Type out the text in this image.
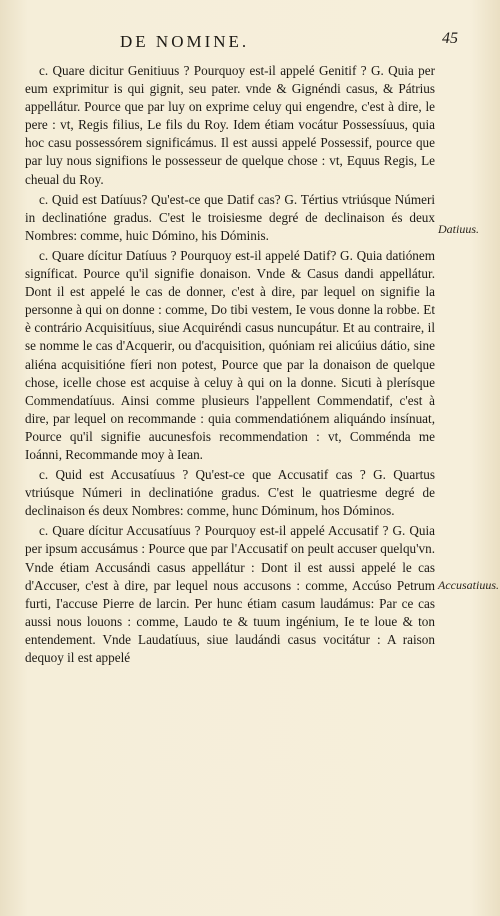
DE NOMINE.	45

c. Quare dicitur Genitiuus ? Pourquoy est-il appelé Genitif ? G. Quia per eum exprimitur is qui gignit, seu pater. vnde & Gignéndi casus, & Pátrius appellátur. Pource que par luy on exprime celuy qui engendre, c'est à dire, le pere : vt, Regis filius, Le fils du Roy. Idem étiam vocátur Possessíuus, quia hoc casu possessórem significámus. Il est aussi appelé Possessif, pource que par luy nous signifions le possesseur de quelque chose : vt, Equus Regis, Le cheual du Roy.

c. Quid est Datíuus? Qu'est-ce que Datif cas? G. Tértius vtriúsque Númeri in declinatióne gradus. C'est le troisiesme degré de declinaison és deux Nombres: comme, huic Dómino, his Dóminis.

c. Quare dícitur Datíuus ? Pourquoy est-il appelé Datif? G. Quia datiónem signíficat. Pource qu'il signifie donaison. Vnde & Casus dandi appellátur. Dont il est appelé le cas de donner, c'est à dire, par lequel on signifie la personne à qui on donne : comme, Do tibi vestem, Ie vous donne la robbe. Et è contrário Acquisitíuus, siue Acquiréndi casus nuncupátur. Et au contraire, il se nomme le cas d'Acquerir, ou d'acquisition, quóniam rei alicúius dátio, sine aliéna acquisitióne fíeri non potest, Pource que par la donaison de quelque chose, icelle chose est acquise à celuy à qui on la donne. Sicuti à plerísque Commendatíuus. Ainsi comme plusieurs l'appellent Commendatif, c'est à dire, par lequel on recommande : quia commendatiónem aliquándo insínuat, Pource qu'il signifie aucunesfois recommendation : vt, Comménda me Ioánni, Recommande moy à Iean.

c. Quid est Accusatíuus ? Qu'est-ce que Accusatif cas ? G. Quartus vtriúsque Númeri in declinatióne gradus. C'est le quatriesme degré de declinaison és deux Nombres: comme, hunc Dóminum, hos Dóminos.

c. Quare dícitur Accusatíuus ? Pourquoy est-il appelé Accusatif ? G. Quia per ipsum accusámus : Pource que par l'Accusatif on peult accuser quelqu'vn. Vnde étiam Accusándi casus appellátur : Dont il est aussi appelé le cas d'Accuser, c'est à dire, par lequel nous accusons : comme, Accúso Petrum furti, I'accuse Pierre de larcin. Per hunc étiam casum laudámus: Par ce cas aussi nous louons : comme, Laudo te & tuum ingénium, Ie te loue & ton entendement. Vnde Laudatíuus, siue laudándi casus vocitátur : A raison dequoy il est appelé

Datiuus.
Accusatiuus.
